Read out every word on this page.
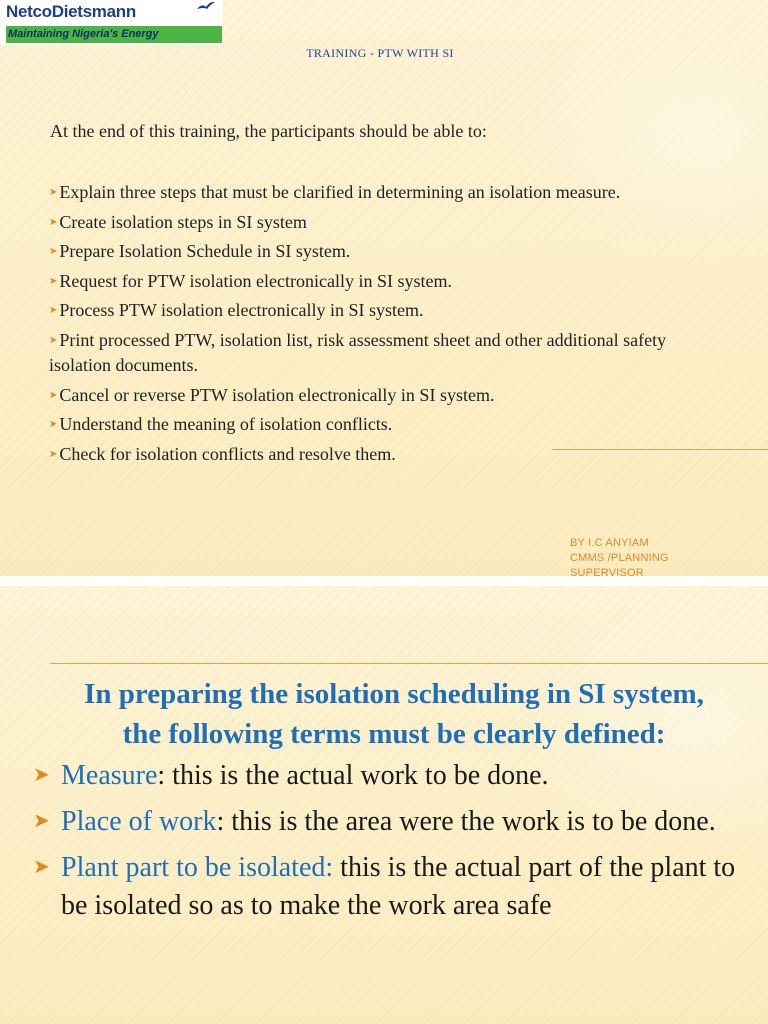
NetcoDietsmann
Maintaining Nigeria's Energy
TRAINING - PTW WITH SI
At the end of this training, the participants should be able to:
➤ Explain three steps that must be clarified in determining an isolation measure.
➤ Create isolation steps in SI system
➤ Prepare Isolation Schedule in SI system.
➤ Request for PTW isolation electronically in SI system.
➤ Process PTW isolation electronically in SI system.
➤ Print processed PTW, isolation list, risk assessment sheet and other additional safety isolation documents.
➤ Cancel or reverse PTW isolation electronically in SI system.
➤ Understand the meaning of isolation conflicts.
➤ Check for isolation conflicts and resolve them.
BY I.C ANYIAM
CMMS /PLANNING
SUPERVISOR
In preparing the isolation scheduling in SI system,
the following terms must be clearly defined:
➤ Measure: this is the actual work to be done.
➤ Place of work: this is the area were the work is to be done.
➤ Plant part to be isolated: this is the actual part of the plant to be isolated so as to make the work area safe
